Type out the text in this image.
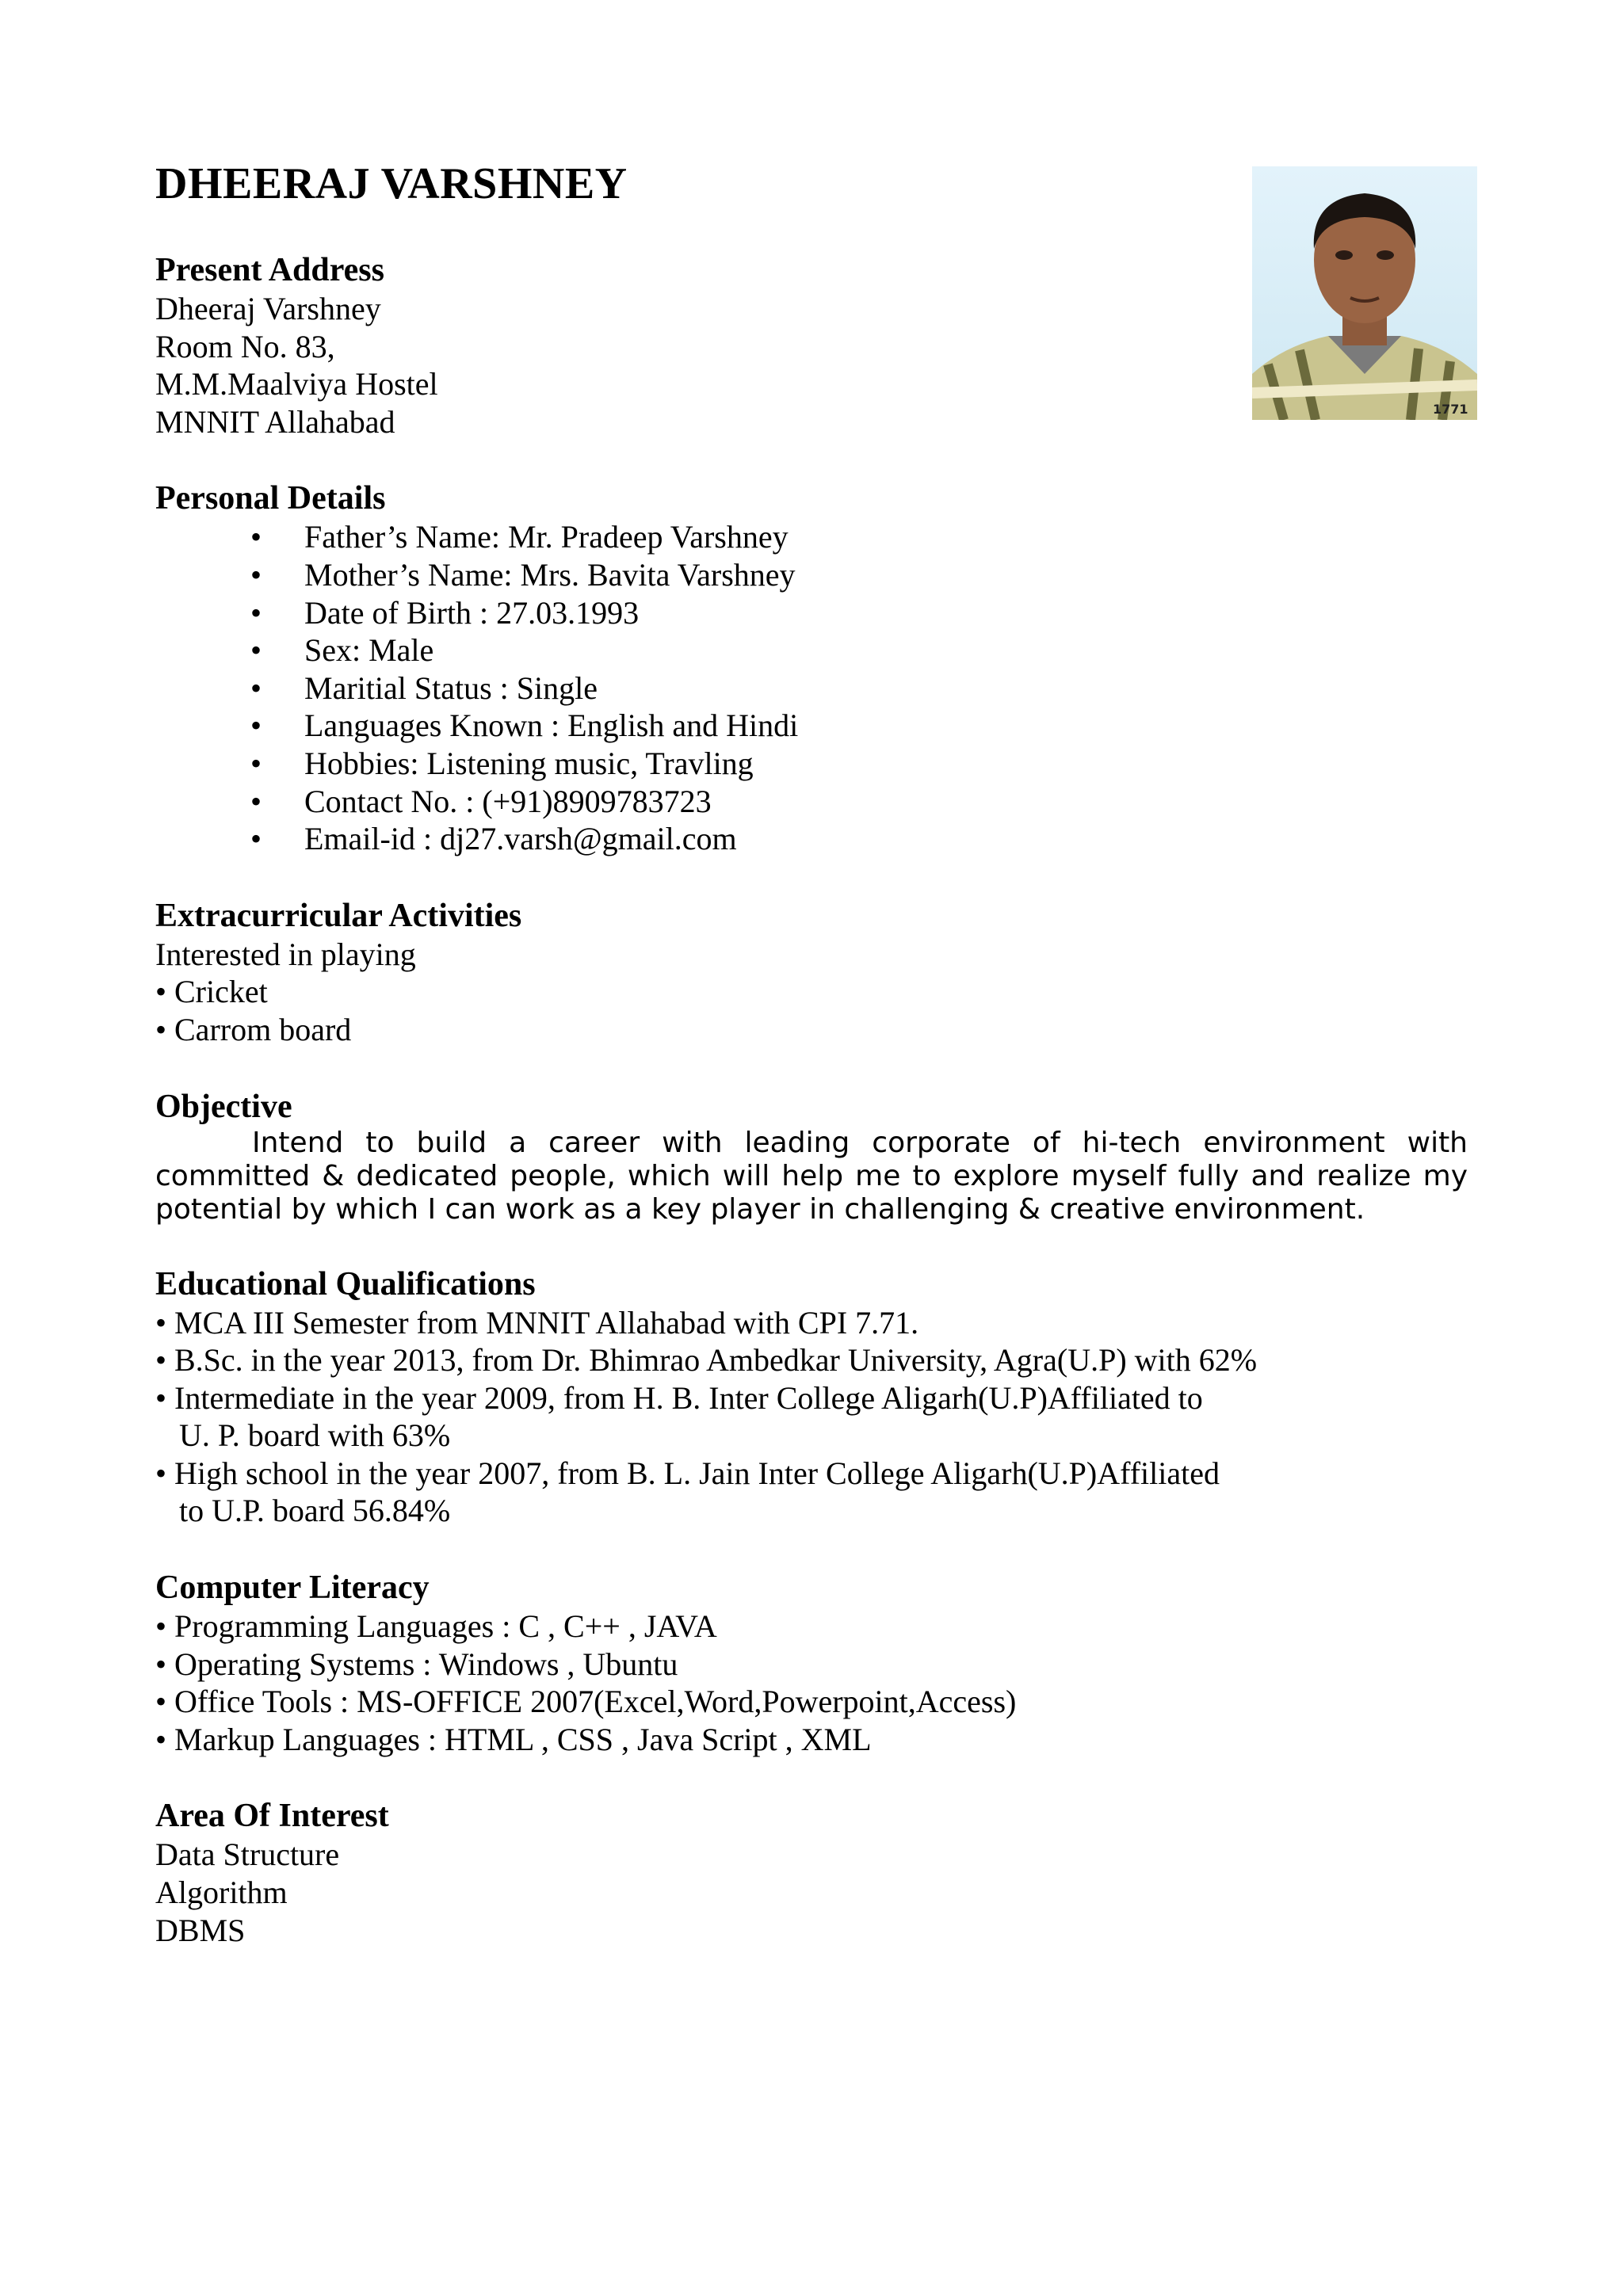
1771
DHEERAJ VARSHNEY
Present Address
Dheeraj Varshney
Room No. 83,
M.M.Maalviya Hostel
MNNIT Allahabad
Personal Details
• Father’s Name: Mr. Pradeep Varshney
• Mother’s Name: Mrs. Bavita Varshney
• Date of Birth : 27.03.1993
• Sex: Male
• Maritial Status : Single
• Languages Known : English and Hindi
• Hobbies: Listening music, Travling
• Contact No. : (+91)8909783723
• Email-id : dj27.varsh@gmail.com
Extracurricular Activities
Interested in playing
• Cricket
• Carrom board
Objective

Intend to build a career with leading corporate of hi-tech environment with committed & dedicated people, which will help me to explore myself fully and realize my potential by which I can work as a key player in challenging & creative environment.

Educational Qualifications
• MCA III Semester from MNNIT Allahabad with CPI 7.71.
• B.Sc. in the year 2013, from Dr. Bhimrao Ambedkar University, Agra(U.P) with 62%
• Intermediate in the year 2009, from H. B. Inter College Aligarh(U.P)Affiliated to
U. P. board with 63%
• High school in the year 2007, from B. L. Jain Inter College Aligarh(U.P)Affiliated
to U.P. board 56.84%
Computer Literacy
• Programming Languages : C , C++ , JAVA
• Operating Systems : Windows , Ubuntu
• Office Tools : MS-OFFICE 2007(Excel,Word,Powerpoint,Access)
• Markup Languages : HTML , CSS , Java Script , XML
Area Of Interest
Data Structure
Algorithm
DBMS
